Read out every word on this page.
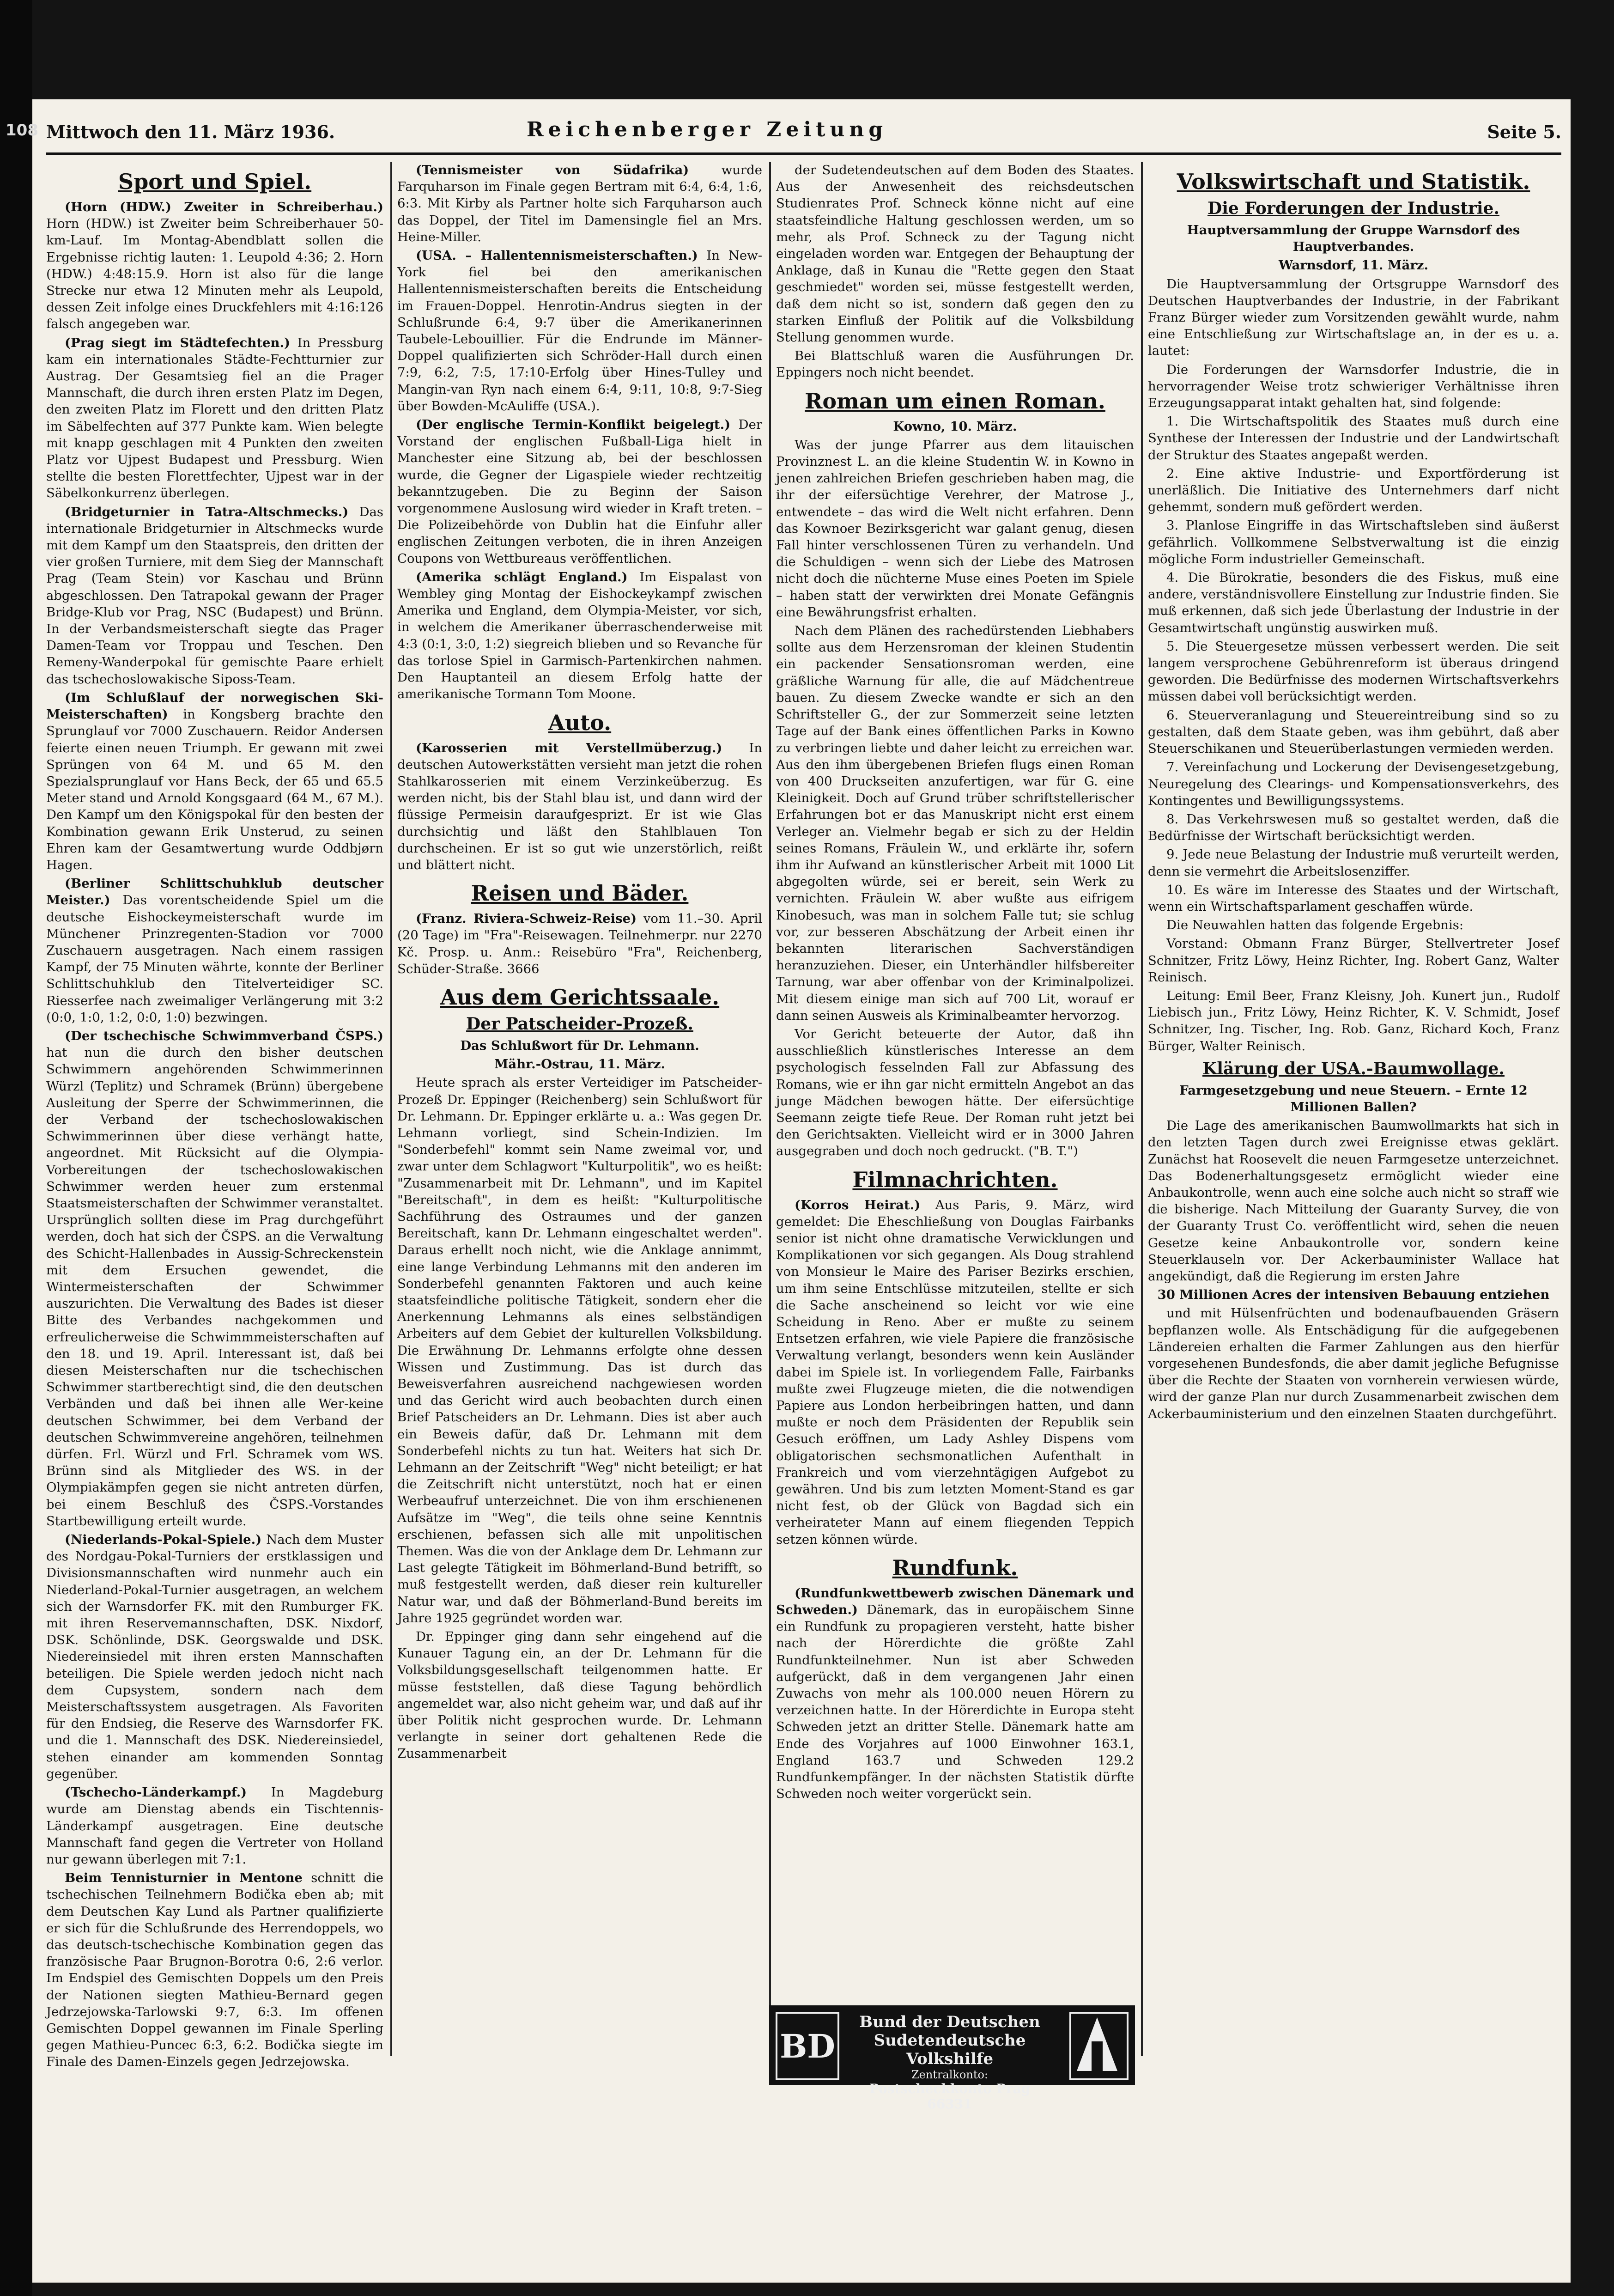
108 Mittwoch den 11. März 1936.	Reichenberger Zeitung	Seite 5.
Sport und Spiel.

(Horn (HDW.) Zweiter in Schreiberhau.) Horn (HDW.) ist Zweiter beim Schreiberhauer 50-km-Lauf. Im Montag-Abendblatt sollen die Ergebnisse richtig lauten: 1. Leupold 4:36; 2. Horn (HDW.) 4:48:15.9. Horn ist also für die lange Strecke nur etwa 12 Minuten mehr als Leupold, dessen Zeit infolge eines Druckfehlers mit 4:16:126 falsch angegeben war.

(Prag siegt im Städtefechten.) In Pressburg kam ein internationales Städte-Fechtturnier zur Austrag. Der Gesamtsieg fiel an die Prager Mannschaft, die durch ihren ersten Platz im Degen, den zweiten Platz im Florett und den dritten Platz im Säbelfechten auf 377 Punkte kam. Wien belegte mit knapp geschlagen mit 4 Punkten den zweiten Platz vor Ujpest Budapest und Pressburg. Wien stellte die besten Florettfechter, Ujpest war in der Säbelkonkurrenz überlegen.

(Bridgeturnier in Tatra-Altschmecks.) Das internationale Bridgeturnier in Altschmecks wurde mit dem Kampf um den Staatspreis, den dritten der vier großen Turniere, mit dem Sieg der Mannschaft Prag (Team Stein) vor Kaschau und Brünn abgeschlossen. Den Tatrapokal gewann der Prager Bridge-Klub vor Prag, NSC (Budapest) und Brünn. In der Verbandsmeisterschaft siegte das Prager Damen-Team vor Troppau und Teschen. Den Remeny-Wanderpokal für gemischte Paare erhielt das tschechoslowakische Siposs-Team.

(Im Schlußlauf der norwegischen Ski-Meisterschaften) in Kongsberg brachte den Sprunglauf vor 7000 Zuschauern. Reidor Andersen feierte einen neuen Triumph. Er gewann mit zwei Sprüngen von 64 M. und 65 M. den Spezialsprunglauf vor Hans Beck, der 65 und 65.5 Meter stand und Arnold Kongsgaard (64 M., 67 M.). Den Kampf um den Königspokal für den besten der Kombination gewann Erik Unsterud, zu seinen Ehren kam der Gesamtwertung wurde Oddbjørn Hagen.

(Berliner Schlittschuhklub deutscher Meister.) Das vorentscheidende Spiel um die deutsche Eishockeymeisterschaft wurde im Münchener Prinzregenten-Stadion vor 7000 Zuschauern ausgetragen. Nach einem rassigen Kampf, der 75 Minuten währte, konnte der Berliner Schlittschuhklub den Titelverteidiger SC. Riesserfee nach zweimaliger Verlängerung mit 3:2 (0:0, 1:0, 1:2, 0:0, 1:0) bezwingen.

(Der tschechische Schwimmverband ČSPS.) hat nun die durch den bisher deutschen Schwimmern angehörenden Schwimmerinnen Würzl (Teplitz) und Schramek (Brünn) übergebene Ausleitung der Sperre der Schwimmerinnen, die der Verband der tschechoslowakischen Schwimmerinnen über diese verhängt hatte, angeordnet. Mit Rücksicht auf die Olympia-Vorbereitungen der tschechoslowakischen Schwimmer werden heuer zum erstenmal Staatsmeisterschaften der Schwimmer veranstaltet. Ursprünglich sollten diese im Prag durchgeführt werden, doch hat sich der ČSPS. an die Verwaltung des Schicht-Hallenbades in Aussig-Schreckenstein mit dem Ersuchen gewendet, die Wintermeisterschaften der Schwimmer auszurichten. Die Verwaltung des Bades ist dieser Bitte des Verbandes nachgekommen und erfreulicherweise die Schwimmmeisterschaften auf den 18. und 19. April. Interessant ist, daß bei diesen Meisterschaften nur die tschechischen Schwimmer startberechtigt sind, die den deutschen Verbänden und daß bei ihnen alle Wer-keine deutschen Schwimmer, bei dem Verband der deutschen Schwimmvereine angehören, teilnehmen dürfen. Frl. Würzl und Frl. Schramek vom WS. Brünn sind als Mitglieder des WS. in der Olympiakämpfen gegen sie nicht antreten dürfen, bei einem Beschluß des ČSPS.-Vorstandes Startbewilligung erteilt wurde.

(Niederlands-Pokal-Spiele.) Nach dem Muster des Nordgau-Pokal-Turniers der erstklassigen und Divisionsmannschaften wird nunmehr auch ein Niederland-Pokal-Turnier ausgetragen, an welchem sich der Warnsdorfer FK. mit den Rumburger FK. mit ihren Reservemannschaften, DSK. Nixdorf, DSK. Schönlinde, DSK. Georgswalde und DSK. Niedereinsiedel mit ihren ersten Mannschaften beteiligen. Die Spiele werden jedoch nicht nach dem Cupsystem, sondern nach dem Meisterschaftssystem ausgetragen. Als Favoriten für den Endsieg, die Reserve des Warnsdorfer FK. und die 1. Mannschaft des DSK. Niedereinsiedel, stehen einander am kommenden Sonntag gegenüber.

(Tschecho-Länderkampf.) In Magdeburg wurde am Dienstag abends ein Tischtennis-Länderkampf ausgetragen. Eine deutsche Mannschaft fand gegen die Vertreter von Holland nur gewann überlegen mit 7:1.

Beim Tennisturnier in Mentone schnitt die tschechischen Teilnehmern Bodička eben ab; mit dem Deutschen Kay Lund als Partner qualifizierte er sich für die Schlußrunde des Herrendoppels, wo das deutsch-tschechische Kombination gegen das französische Paar Brugnon-Borotra 0:6, 2:6 verlor. Im Endspiel des Gemischten Doppels um den Preis der Nationen siegten Mathieu-Bernard gegen Jedrzejowska-Tarlowski 9:7, 6:3. Im offenen Gemischten Doppel gewannen im Finale Sperling gegen Mathieu-Puncec 6:3, 6:2. Bodička siegte im Finale des Damen-Einzels gegen Jedrzejowska.

(Tennismeister von Südafrika)	wurde Farquharson im Finale gegen Bertram mit 6:4, 6:4, 1:6, 6:3. Mit Kirby als Partner holte sich Farquharson auch das Doppel, der Titel im Damensingle fiel an Mrs. Heine-Miller.

(USA. – Hallentennismeisterschaften.) In New-York fiel bei den amerikanischen Hallentennismeisterschaften bereits die Entscheidung im Frauen-Doppel. Henrotin-Andrus siegten in der Schlußrunde 6:4, 9:7 über die Amerikanerinnen Taubele-Lebouillier. Für die Endrunde im Männer-Doppel qualifizierten sich Schröder-Hall durch einen 7:9, 6:2, 7:5, 17:10-Erfolg über Hines-Tulley und Mangin-van Ryn nach einem 6:4, 9:11, 10:8, 9:7-Sieg über Bowden-McAuliffe (USA.).

(Der englische Termin-Konflikt beigelegt.) Der Vorstand der englischen Fußball-Liga hielt in Manchester eine Sitzung ab, bei der beschlossen wurde, die Gegner der Ligaspiele wieder rechtzeitig bekanntzugeben. Die zu Beginn der Saison vorgenommene Auslosung wird wieder in Kraft treten. – Die Polizeibehörde von Dublin hat die Einfuhr aller englischen Zeitungen verboten, die in ihren Anzeigen Coupons von Wettbureaus veröffentlichen.

(Amerika schlägt England.) Im Eispalast von Wembley ging Montag der Eishockeykampf zwischen Amerika und England, dem Olympia-Meister, vor sich, in welchem die Amerikaner überraschenderweise mit 4:3 (0:1, 3:0, 1:2) siegreich blieben und so Revanche für das torlose Spiel in Garmisch-Partenkirchen nahmen. Den Hauptanteil an diesem Erfolg hatte der amerikanische Tormann Tom Moone.

Auto.

(Karosserien mit Verstellmüberzug.) In deutschen Autowerkstätten versieht man jetzt die rohen Stahlkarosserien mit einem Verzinkeüberzug. Es werden nicht, bis der Stahl blau ist, und dann wird der flüssige Permeisin daraufgesprizt. Er ist wie Glas durchsichtig und läßt den Stahlblauen Ton durchscheinen. Er ist so gut wie unzerstörlich, reißt und blättert nicht.

Reisen und Bäder.

(Franz. Riviera-Schweiz-Reise) vom 11.–30. April (20 Tage) im "Fra"-Reisewagen. Teilnehmerpr. nur 2270 Kč. Prosp. u. Anm.: Reisebüro "Fra", Reichenberg, Schüder-Straße. 3666

Aus dem Gerichtssaale.
Der Patscheider-Prozeß.
Das Schlußwort für Dr. Lehmann.
Mähr.-Ostrau, 11. März.

Heute sprach als erster Verteidiger im Patscheider-Prozeß Dr. Eppinger (Reichenberg) sein Schlußwort für Dr. Lehmann. Dr. Eppinger erklärte u. a.: Was gegen Dr. Lehmann vorliegt, sind Schein-Indizien. Im "Sonderbefehl" kommt sein Name zweimal vor, und zwar unter dem Schlagwort "Kulturpolitik", wo es heißt: "Zusammenarbeit mit Dr. Lehmann", und im Kapitel "Bereitschaft", in dem es heißt: "Kulturpolitische Sachführung des Ostraumes und der ganzen Bereitschaft, kann Dr. Lehmann eingeschaltet werden". Daraus erhellt noch nicht, wie die Anklage annimmt, eine lange Verbindung Lehmanns mit den anderen im Sonderbefehl genannten Faktoren und auch keine staatsfeindliche politische Tätigkeit, sondern eher die Anerkennung Lehmanns als eines selbständigen Arbeiters auf dem Gebiet der kulturellen Volksbildung. Die Erwähnung Dr. Lehmanns erfolgte ohne dessen Wissen und Zustimmung. Das ist durch das Beweisverfahren ausreichend nachgewiesen worden und das Gericht wird auch beobachten durch einen Brief Patscheiders an Dr. Lehmann. Dies ist aber auch ein Beweis dafür, daß Dr. Lehmann mit dem Sonderbefehl nichts zu tun hat. Weiters hat sich Dr. Lehmann an der Zeitschrift "Weg" nicht beteiligt; er hat die Zeitschrift nicht unterstützt, noch hat er einen Werbeaufruf unterzeichnet. Die von ihm erschienenen Aufsätze im "Weg", die teils ohne seine Kenntnis erschienen, befassen sich alle mit unpolitischen Themen. Was die von der Anklage dem Dr. Lehmann zur Last gelegte Tätigkeit im Böhmerland-Bund betrifft, so muß festgestellt werden, daß dieser rein kultureller Natur war, und daß der Böhmerland-Bund bereits im Jahre 1925 gegründet worden war.

Dr. Eppinger ging dann sehr eingehend auf die Kunauer Tagung ein, an der Dr. Lehmann für die Volksbildungsgesellschaft teilgenommen hatte. Er müsse feststellen, daß diese Tagung behördlich angemeldet war, also nicht geheim war, und daß auf ihr über Politik nicht gesprochen wurde. Dr. Lehmann verlangte in seiner dort gehaltenen Rede die Zusammenarbeit

der Sudetendeutschen auf dem Boden des Staates. Aus der Anwesenheit des reichsdeutschen Studienrates Prof. Schneck könne nicht auf eine staatsfeindliche Haltung geschlossen werden, um so mehr, als Prof. Schneck zu der Tagung nicht eingeladen worden war. Entgegen der Behauptung der Anklage, daß in Kunau die "Rette gegen den Staat geschmiedet" worden sei, müsse festgestellt werden, daß dem nicht so ist, sondern daß gegen den zu starken Einfluß der Politik auf die Volksbildung Stellung genommen wurde.

Bei Blattschluß waren die Ausführungen Dr. Eppingers noch nicht beendet.

Roman um einen Roman.
Kowno, 10. März.

Was der junge Pfarrer aus dem litauischen Provinznest L. an die kleine Studentin W. in Kowno in jenen zahlreichen Briefen geschrieben haben mag, die ihr der eifersüchtige Verehrer, der Matrose J., entwendete – das wird die Welt nicht erfahren. Denn das Kownoer Bezirksgericht war galant genug, diesen Fall hinter verschlossenen Türen zu verhandeln. Und die Schuldigen – wenn sich der Liebe des Matrosen nicht doch die nüchterne Muse eines Poeten im Spiele – haben statt der verwirkten drei Monate Gefängnis eine Bewährungsfrist erhalten.

Nach dem Plänen des rachedürstenden Liebhabers sollte aus dem Herzensroman der kleinen Studentin ein packender Sensationsroman werden, eine gräßliche Warnung für alle, die auf Mädchentreue bauen. Zu diesem Zwecke wandte er sich an den Schriftsteller G., der zur Sommerzeit seine letzten Tage auf der Bank eines öffentlichen Parks in Kowno zu verbringen liebte und daher leicht zu erreichen war. Aus den ihm übergebenen Briefen flugs einen Roman von 400 Druckseiten anzufertigen, war für G. eine Kleinigkeit. Doch auf Grund trüber schriftstellerischer Erfahrungen bot er das Manuskript nicht erst einem Verleger an. Vielmehr begab er sich zu der Heldin seines Romans, Fräulein W., und erklärte ihr, sofern ihm ihr Aufwand an künstlerischer Arbeit mit 1000 Lit abgegolten würde, sei er bereit, sein Werk zu vernichten. Fräulein W. aber wußte aus eifrigem Kinobesuch, was man in solchem Falle tut; sie schlug vor, zur besseren Abschätzung der Arbeit einen ihr bekannten literarischen Sachverständigen heranzuziehen. Dieser, ein Unterhändler hilfsbereiter Tarnung, war aber offenbar von der Kriminalpolizei. Mit diesem einige man sich auf 700 Lit, worauf er dann seinen Ausweis als Kriminalbeamter hervorzog.

Vor Gericht beteuerte der Autor, daß ihn ausschließlich künstlerisches Interesse an dem psychologisch fesselnden Fall zur Abfassung des Romans, wie er ihn gar nicht ermitteln Angebot an das junge Mädchen bewogen hätte. Der eifersüchtige Seemann zeigte tiefe Reue. Der Roman ruht jetzt bei den Gerichtsakten. Vielleicht wird er in 3000 Jahren ausgegraben und doch noch gedruckt. ("B. T.")

Filmnachrichten.

(Korros Heirat.) Aus Paris, 9. März, wird gemeldet: Die Eheschließung von Douglas Fairbanks senior ist nicht ohne dramatische Verwicklungen und Komplikationen vor sich gegangen. Als Doug strahlend von Monsieur le Maire des Pariser Bezirks erschien, um ihm seine Entschlüsse mitzuteilen, stellte er sich die Sache anscheinend so leicht vor wie eine Scheidung in Reno. Aber er mußte zu seinem Entsetzen erfahren, wie viele Papiere die französische Verwaltung verlangt, besonders wenn kein Ausländer dabei im Spiele ist. In vorliegendem Falle, Fairbanks mußte zwei Flugzeuge mieten, die die notwendigen Papiere aus London herbeibringen hatten, und dann mußte er noch dem Präsidenten der Republik sein Gesuch eröffnen, um Lady Ashley Dispens vom obligatorischen sechsmonatlichen Aufenthalt in Frankreich und vom vierzehntägigen Aufgebot zu gewähren. Und bis zum letzten Moment-Stand es gar nicht fest, ob der Glück von Bagdad sich ein verheirateter Mann auf einem fliegenden Teppich setzen können würde.

Rundfunk.

(Rundfunkwettbewerb zwischen Dänemark und Schweden.) Dänemark, das in europäischem Sinne ein Rundfunk zu propagieren versteht, hatte bisher nach der Hörerdichte die größte Zahl Rundfunkteilnehmer. Nun ist aber Schweden aufgerückt, daß in dem vergangenen Jahr einen Zuwachs von mehr als 100.000 neuen Hörern zu verzeichnen hatte. In der Hörerdichte in Europa steht Schweden jetzt an dritter Stelle. Dänemark hatte am Ende des Vorjahres auf 1000 Einwohner 163.1, England 163.7 und Schweden 129.2 Rundfunkempfänger. In der nächsten Statistik dürfte Schweden noch weiter vorgerückt sein.

BD
Bund der Deutschen
Sudetendeutsche Volkshilfe
Zentralkonto:
Postscheckkonto Prag 66331
Volkswirtschaft und Statistik.
Die Forderungen der Industrie.
Hauptversammlung der Gruppe Warnsdorf des Hauptverbandes.
Warnsdorf, 11. März.

Die Hauptversammlung der Ortsgruppe Warnsdorf des Deutschen Hauptverbandes der Industrie, in der Fabrikant Franz Bürger wieder zum Vorsitzenden gewählt wurde, nahm eine Entschließung zur Wirtschaftslage an, in der es u. a. lautet:

Die Forderungen der Warnsdorfer Industrie, die in hervorragender Weise trotz schwieriger Verhältnisse ihren Erzeugungsapparat intakt gehalten hat, sind folgende:

1. Die Wirtschaftspolitik des Staates muß durch eine Synthese der Interessen der Industrie und der Landwirtschaft der Struktur des Staates angepaßt werden.

2. Eine aktive Industrie- und Exportförderung ist unerläßlich. Die Initiative des Unternehmers darf nicht gehemmt, sondern muß gefördert werden.

3. Planlose Eingriffe in das Wirtschaftsleben sind äußerst gefährlich. Vollkommene Selbstverwaltung ist die einzig mögliche Form industrieller Gemeinschaft.

4. Die Bürokratie, besonders die des Fiskus, muß eine andere, verständnisvollere Einstellung zur Industrie finden. Sie muß erkennen, daß sich jede Überlastung der Industrie in der Gesamtwirtschaft ungünstig auswirken muß.

5. Die Steuergesetze müssen verbessert werden. Die seit langem versprochene Gebührenreform ist überaus dringend geworden. Die Bedürfnisse des modernen Wirtschaftsverkehrs müssen dabei voll berücksichtigt werden.

6. Steuerveranlagung und Steuereintreibung sind so zu gestalten, daß dem Staate geben, was ihm gebührt, daß aber Steuerschikanen und Steuerüberlastungen vermieden werden.

7. Vereinfachung und Lockerung der Devisengesetzgebung, Neuregelung des Clearings- und Kompensationsverkehrs, des Kontingentes und Bewilligungssystems.

8. Das Verkehrswesen muß so gestaltet werden, daß die Bedürfnisse der Wirtschaft berücksichtigt werden.

9. Jede neue Belastung der Industrie muß verurteilt werden, denn sie vermehrt die Arbeitslosenziffer.

10. Es wäre im Interesse des Staates und der Wirtschaft, wenn ein Wirtschaftsparlament geschaffen würde.

Die Neuwahlen hatten das folgende Ergebnis:

Vorstand: Obmann Franz Bürger, Stellvertreter Josef Schnitzer, Fritz Löwy, Heinz Richter, Ing. Robert Ganz, Walter Reinisch.

Leitung: Emil Beer, Franz Kleisny, Joh. Kunert jun., Rudolf Liebisch jun., Fritz Löwy, Heinz Richter, K. V. Schmidt, Josef Schnitzer, Ing. Tischer, Ing. Rob. Ganz, Richard Koch, Franz Bürger, Walter Reinisch.

Klärung der USA.-Baumwollage.
Farmgesetzgebung und neue Steuern. – Ernte 12 Millionen Ballen?

Die Lage des amerikanischen Baumwollmarkts hat sich in den letzten Tagen durch zwei Ereignisse etwas geklärt. Zunächst hat Roosevelt die neuen Farmgesetze unterzeichnet. Das Bodenerhaltungsgesetz ermöglicht wieder eine Anbaukontrolle, wenn auch eine solche auch nicht so straff wie die bisherige. Nach Mitteilung der Guaranty Survey, die von der Guaranty Trust Co. veröffentlicht wird, sehen die neuen Gesetze keine Anbaukontrolle vor, sondern keine Steuerklauseln vor. Der Ackerbauminister Wallace hat angekündigt, daß die Regierung im ersten Jahre

30 Millionen Acres der intensiven Bebauung entziehen

und mit Hülsenfrüchten und bodenaufbauenden Gräsern bepflanzen wolle. Als Entschädigung für die aufgegebenen Ländereien erhalten die Farmer Zahlungen aus den hierfür vorgesehenen Bundesfonds, die aber damit jegliche Befugnisse über die Rechte der Staaten von vornherein verwiesen würde, wird der ganze Plan nur durch Zusammenarbeit zwischen dem Ackerbauministerium und den einzelnen Staaten durchgeführt.
